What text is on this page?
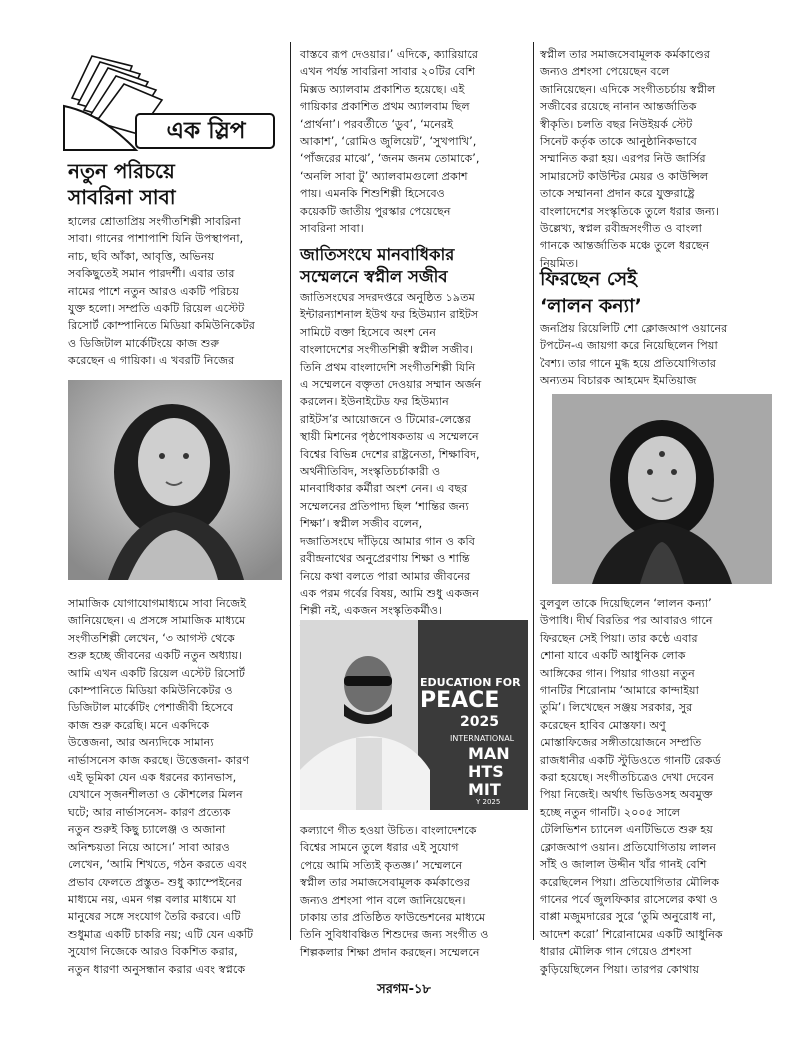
এক স্লিপ
নতুন পরিচয়ে
সাবরিনা সাবা

হালের শ্রোতাপ্রিয় সংগীতশিল্পী সাবরিনা
সাবা। গানের পাশাপাশি যিনি উপস্থাপনা,
নাচ, ছবি আঁকা, আবৃত্তি, অভিনয়
সবকিছুতেই সমান পারদর্শী। এবার তার
নামের পাশে নতুন আরও একটি পরিচয়
যুক্ত হলো। সম্প্রতি একটি রিয়েল এস্টেট
রিসোর্ট কোম্পানিতে মিডিয়া কমিউনিকেটর
ও ডিজিটাল মার্কেটিংয়ে কাজ শুরু
করেছেন এ গায়িকা। এ খবরটি নিজের

সামাজিক যোগাযোগমাধ্যমে সাবা নিজেই
জানিয়েছেন। এ প্রসঙ্গে সামাজিক মাধ্যমে
সংগীতশিল্পী লেখেন, ‘৩ আগস্ট থেকে
শুরু হচ্ছে জীবনের একটি নতুন অধ্যায়।
আমি এখন একটি রিয়েল এস্টেট রিসোর্ট
কোম্পানিতে মিডিয়া কমিউনিকেটর ও
ডিজিটাল মার্কেটিং পেশাজীবী হিসেবে
কাজ শুরু করেছি। মনে একদিকে
উত্তেজনা, আর অন্যদিকে সামান্য
নার্ভাসনেস কাজ করছে। উত্তেজনা- কারণ
এই ভূমিকা যেন এক ধরনের ক্যানভাস,
যেখানে সৃজনশীলতা ও কৌশলের মিলন
ঘটে; আর নার্ভাসনেস- কারণ প্রত্যেক
নতুন শুরুই কিছু চ্যালেঞ্জ ও অজানা
অনিশ্চয়তা নিয়ে আসে।’ সাবা আরও
লেখেন, ‘আমি শিখতে, গঠন করতে এবং
প্রভাব ফেলতে প্রস্তুত- শুধু ক্যাম্পেইনের
মাধ্যমে নয়, এমন গল্প বলার মাধ্যমে যা
মানুষের সঙ্গে সংযোগ তৈরি করবে। এটি
শুধুমাত্র একটি চাকরি নয়; এটি যেন একটি
সুযোগ নিজেকে আরও বিকশিত করার,
নতুন ধারণা অনুসন্ধান করার এবং স্বপ্নকে

বাস্তবে রূপ দেওয়ার।’ এদিকে, ক্যারিয়ারে
এখন পর্যন্ত সাবরিনা সাবার ২০টির বেশি
মিক্সড অ্যালবাম প্রকাশিত হয়েছে। এই
গায়িকার প্রকাশিত প্রথম অ্যালবাম ছিল
‘প্রার্থনা’। পরবর্তীতে ‘ডুব’, ‘মনেরই
আকাশ’, ‘রোমিও জুলিয়েট’, ‘সুখপাখি’,
‘পাঁজরের মাঝে’, ‘জনম জনম তোমাকে’,
‘অনলি সাবা টু’ অ্যালবামগুলো প্রকাশ
পায়। এমনকি শিশুশিল্পী হিসেবেও
কয়েকটি জাতীয় পুরস্কার পেয়েছেন
সাবরিনা সাবা।

জাতিসংঘে মানবাধিকার
সম্মেলনে স্বপ্নীল সজীব

জাতিসংঘের সদরদপ্তরে অনুষ্ঠিত ১৯তম
ইন্টারন্যাশনাল ইউথ ফর হিউম্যান রাইটস
সামিটে বক্তা হিসেবে অংশ নেন
বাংলাদেশের সংগীতশিল্পী স্বপ্নীল সজীব।
তিনি প্রথম বাংলাদেশি সংগীতশিল্পী যিনি
এ সম্মেলনে বক্তৃতা দেওয়ার সম্মান অর্জন
করলেন। ইউনাইটেড ফর হিউম্যান
রাইটস’র আয়োজনে ও টিমোর-লেস্তের
স্থায়ী মিশনের পৃষ্ঠপোষকতায় এ সম্মেলনে
বিশ্বের বিভিন্ন দেশের রাষ্ট্রনেতা, শিক্ষাবিদ,
অর্থনীতিবিদ, সংস্কৃতিচর্চাকারী ও
মানবাধিকার কর্মীরা অংশ নেন। এ বছর
সম্মেলনের প্রতিপাদ্য ছিল ‘শান্তির জন্য
শিক্ষা’। স্বপ্নীল সজীব বলেন,
দজাতিসংঘে দাঁড়িয়ে আমার গান ও কবি
রবীন্দ্রনাথের অনুপ্রেরণায় শিক্ষা ও শান্তি
নিয়ে কথা বলতে পারা আমার জীবনের
এক পরম গর্বের বিষয়, আমি শুধু একজন
শিল্পী নই, একজন সংস্কৃতিকর্মীও।

EDUCATION FOR
PEACE
2025
INTERNATIONAL
MAN
HTS
MIT
Y 2025

কল্যাণে গীত হওয়া উচিত। বাংলাদেশকে
বিশ্বের সামনে তুলে ধরার এই সুযোগ
পেয়ে আমি সত্যিই কৃতজ্ঞ।’ সম্মেলনে
স্বপ্নীল তার সমাজসেবামূলক কর্মকাণ্ডের
জন্যও প্রশংসা পান বলে জানিয়েছেন।
ঢাকায় তার প্রতিষ্ঠিত ফাউন্ডেশনের মাধ্যমে
তিনি সুবিধাবঞ্চিত শিশুদের জন্য সংগীত ও
শিল্পকলার শিক্ষা প্রদান করছেন। সম্মেলনে

স্বপ্নীল তার সমাজসেবামূলক কর্মকাণ্ডের
জন্যও প্রশংসা পেয়েছেন বলে
জানিয়েছেন। এদিকে সংগীতচর্চায় স্বপ্নীল
সজীবের রয়েছে নানান আন্তর্জাতিক
স্বীকৃতি। চলতি বছর নিউইয়র্ক স্টেট
সিনেট কর্তৃক তাকে আনুষ্ঠানিকভাবে
সম্মানিত করা হয়। এরপর নিউ জার্সির
সামারসেট কাউন্টির মেয়র ও কাউন্সিল
তাকে সম্মাননা প্রদান করে যুক্তরাষ্ট্রে
বাংলাদেশের সংস্কৃতিকে তুলে ধরার জন্য।
উল্লেখ্য, স্বপ্নল রবীন্দ্রসংগীত ও বাংলা
গানকে আন্তর্জাতিক মঞ্চে তুলে ধরছেন
নিয়মিত।

ফিরছেন সেই
‘লালন কন্যা’

জনপ্রিয় রিয়েলিটি শো ক্লোজআপ ওয়ানের
টপটেন-এ জায়গা করে নিয়েছিলেন পিয়া
বৈশ্য। তার গানে মুগ্ধ হয়ে প্রতিযোগিতার
অন্যতম বিচারক আহমেদ ইমতিয়াজ

বুলবুল তাকে দিয়েছিলেন ‘লালন কন্যা’
উপাধি। দীর্ঘ বিরতির পর আবারও গানে
ফিরছেন সেই পিয়া। তার কণ্ঠে এবার
শোনা যাবে একটি আধুনিক লোক
আঙ্গিকের গান। পিয়ার গাওয়া নতুন
গানটির শিরোনাম ‘আমারে কান্দাইয়া
তুমি’। লিখেছেন সঞ্জয় সরকার, সুর
করেছেন হাবিব মোস্তফা। অণু
মোস্তাফিজের সঙ্গীতায়োজনে সম্প্রতি
রাজধানীর একটি স্টুডিওতে গানটি রেকর্ড
করা হয়েছে। সংগীতচিত্রেও দেখা দেবেন
পিয়া নিজেই। অর্থাৎ ভিডিওসহ অবমুক্ত
হচ্ছে নতুন গানটি। ২০০৫ সালে
টেলিভিশন চ্যানেল এনটিভিতে শুরু হয়
ক্লোজআপ ওয়ান। প্রতিযোগিতায় লালন
সাঁই ও জালাল উদ্দীন খাঁর গানই বেশি
করেছিলেন পিয়া। প্রতিযোগিতার মৌলিক
গানের পর্বে জুলফিকার রাসেলের কথা ও
বাপ্পা মজুমদারের সুরে ‘তুমি অনুরোধ না,
আদেশ করো’ শিরোনামের একটি আধুনিক
ধারার মৌলিক গান গেয়েও প্রশংসা
কুড়িয়েছিলেন পিয়া। তারপর কোথায়

সরগম-১৮
